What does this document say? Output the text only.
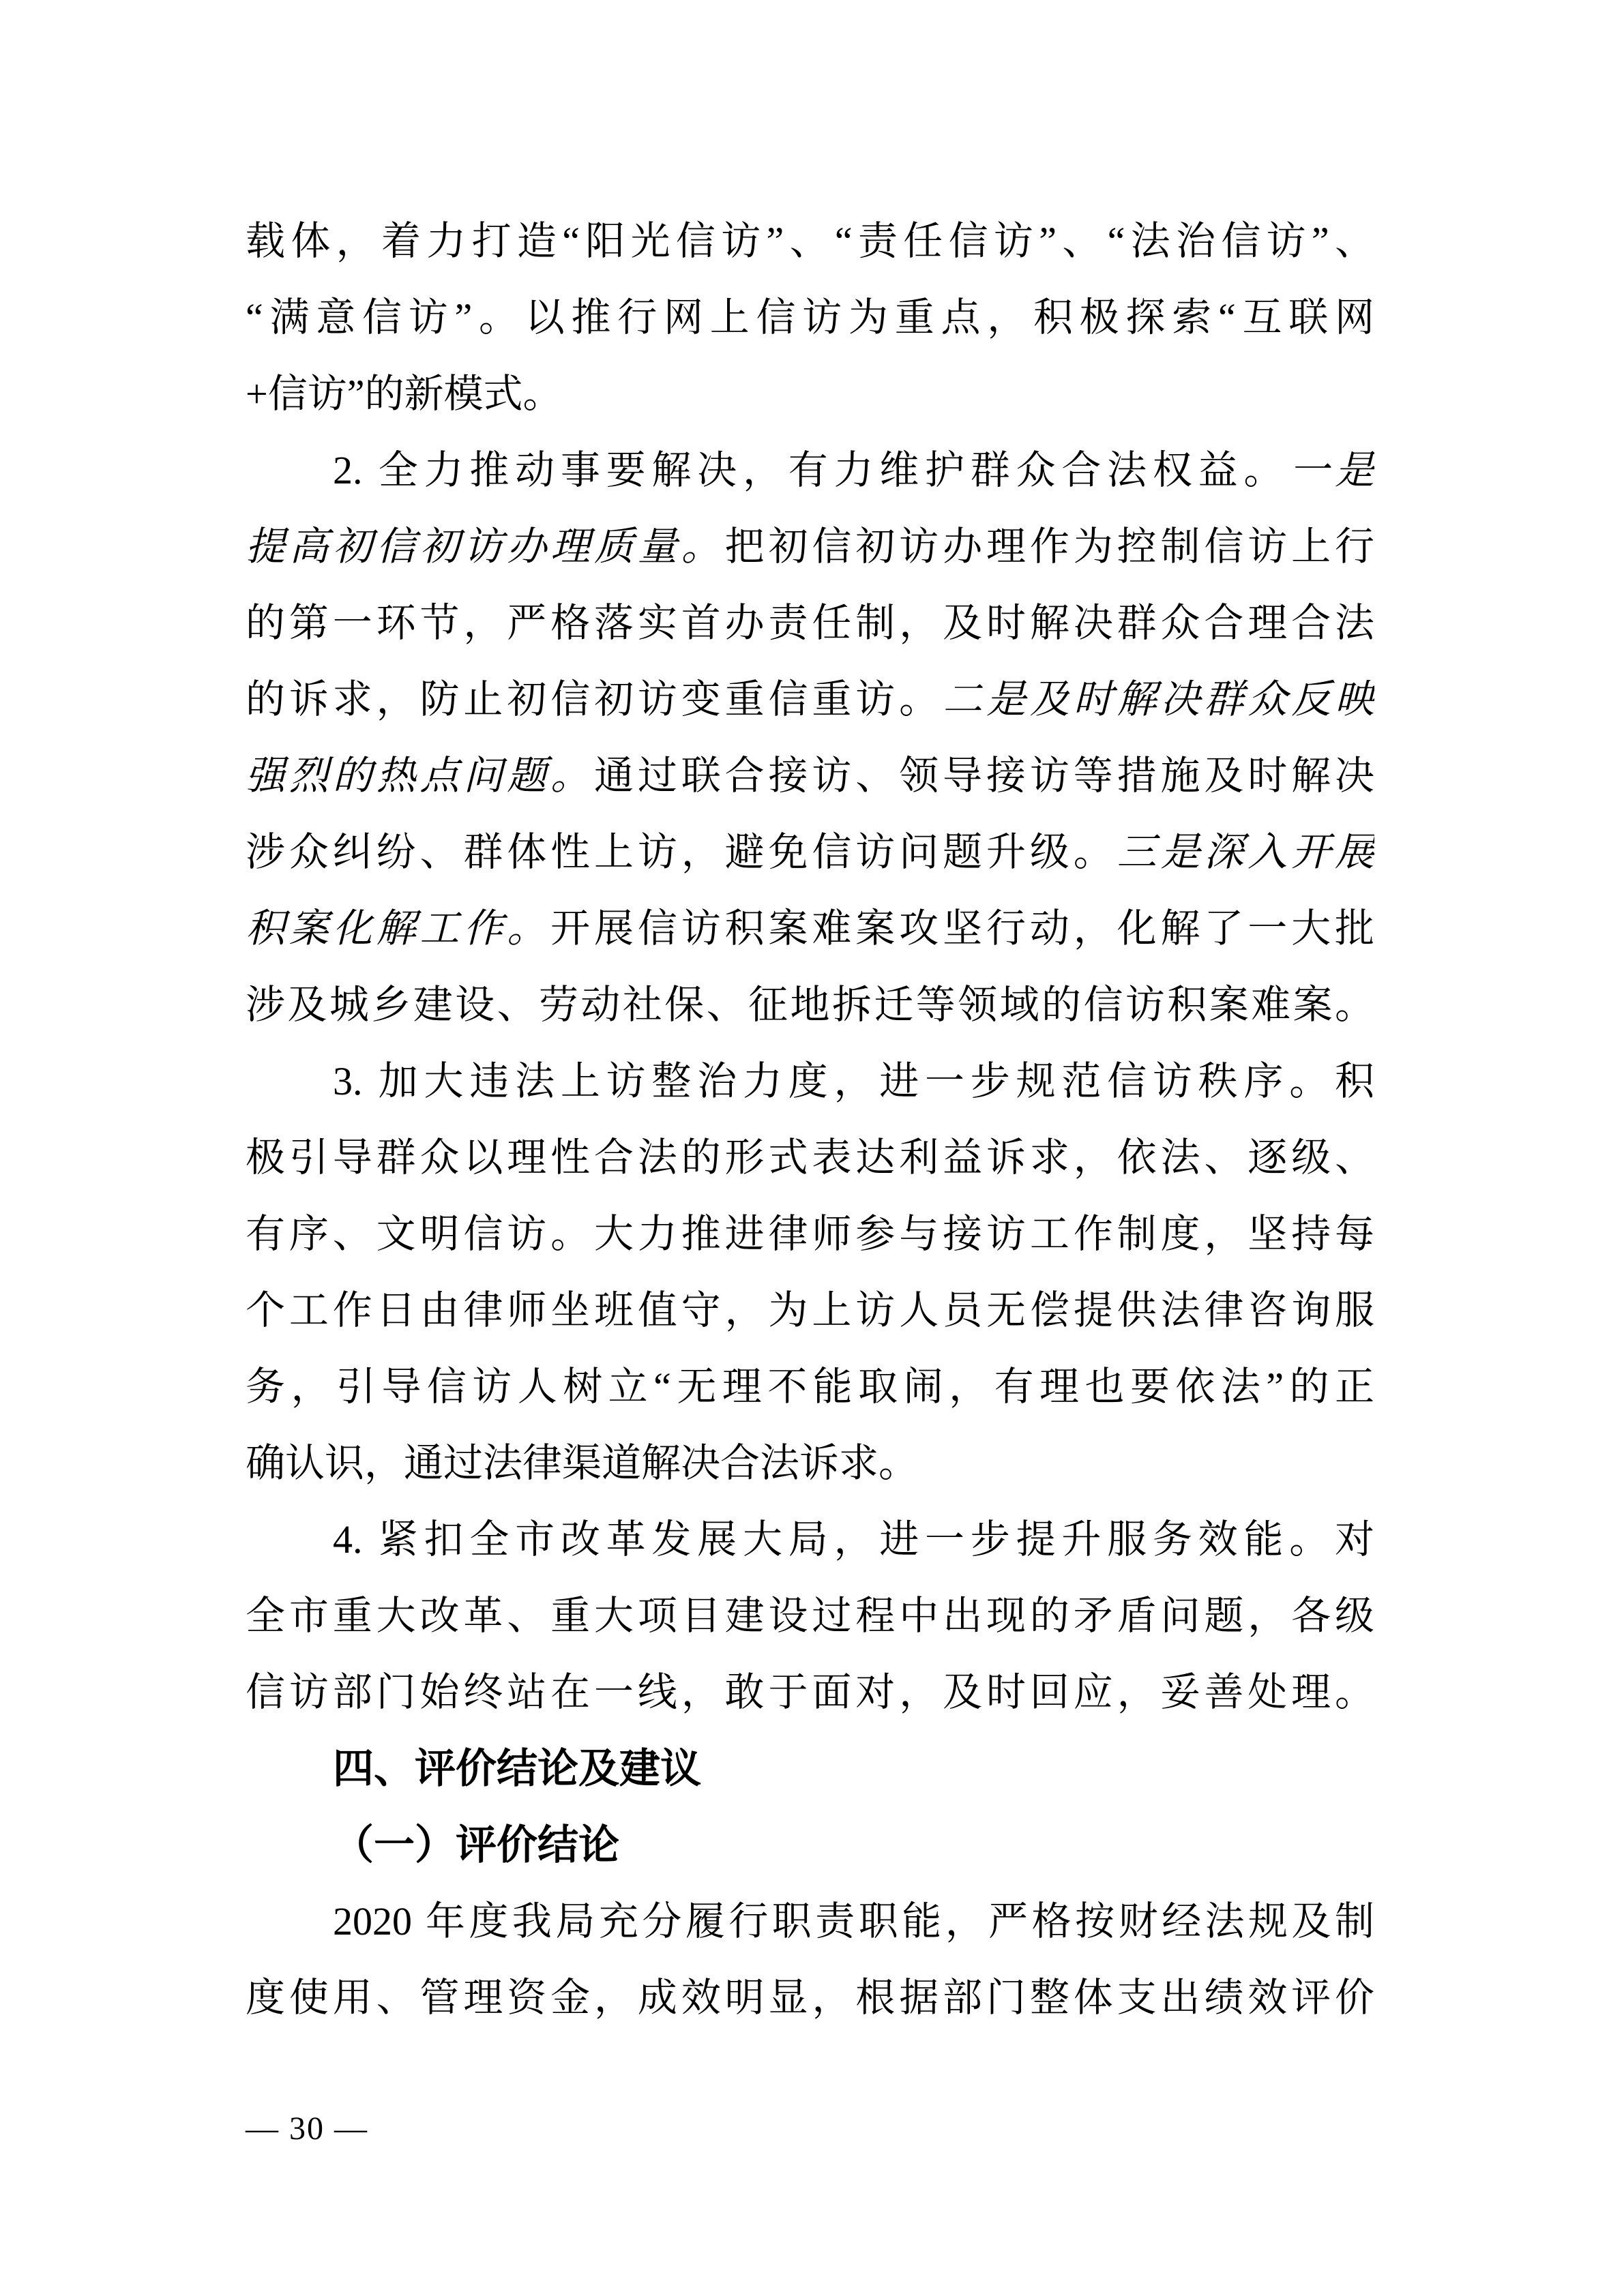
载体，着力打造“阳光信访”、“责任信访”、“法治信访”、
“满意信访”。以推行网上信访为重点，积极探索“互联网
+信访”的新模式。
2. 全力推动事要解决，有力维护群众合法权益。一是
提高初信初访办理质量。把初信初访办理作为控制信访上行
的第一环节，严格落实首办责任制，及时解决群众合理合法
的诉求，防止初信初访变重信重访。二是及时解决群众反映
强烈的热点问题。通过联合接访、领导接访等措施及时解决
涉众纠纷、群体性上访，避免信访问题升级。三是深入开展
积案化解工作。开展信访积案难案攻坚行动，化解了一大批
涉及城乡建设、劳动社保、征地拆迁等领域的信访积案难案。
3. 加大违法上访整治力度，进一步规范信访秩序。积
极引导群众以理性合法的形式表达利益诉求，依法、逐级、
有序、文明信访。大力推进律师参与接访工作制度，坚持每
个工作日由律师坐班值守，为上访人员无偿提供法律咨询服
务，引导信访人树立“无理不能取闹，有理也要依法”的正
确认识，通过法律渠道解决合法诉求。
4. 紧扣全市改革发展大局，进一步提升服务效能。对
全市重大改革、重大项目建设过程中出现的矛盾问题，各级
信访部门始终站在一线，敢于面对，及时回应，妥善处理。
四、评价结论及建议
（一）评价结论
2020 年度我局充分履行职责职能，严格按财经法规及制
度使用、管理资金，成效明显，根据部门整体支出绩效评价
— 30 —
